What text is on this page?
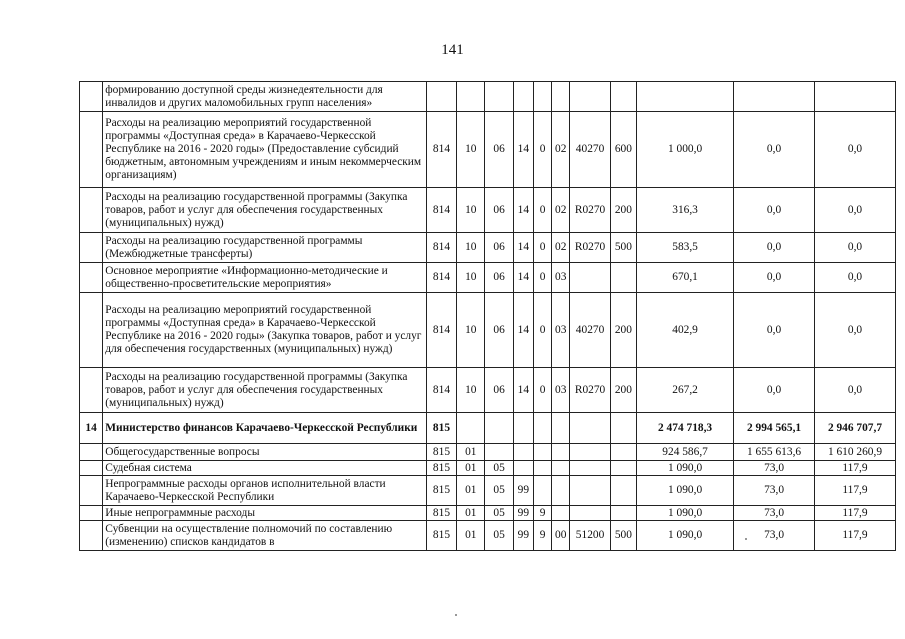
141
	формированию доступной среды жизнедеятельности для инвалидов и других маломобильных групп населения»											
	Расходы на реализацию мероприятий государственной программы «Доступная среда» в Карачаево-Черкесской Республике на 2016 - 2020 годы» (Предоставление субсидий бюджетным, автономным учреждениям и иным некоммерческим организациям)	814	10	06	14	0	02	40270	600	1 000,0	0,0	0,0
	Расходы на реализацию государственной программы (Закупка товаров, работ и услуг для обеспечения государственных (муниципальных) нужд)	814	10	06	14	0	02	R0270	200	316,3	0,0	0,0
	Расходы на реализацию государственной программы (Межбюджетные трансферты)	814	10	06	14	0	02	R0270	500	583,5	0,0	0,0
	Основное мероприятие «Информационно-методические и общественно-просветительские мероприятия»	814	10	06	14	0	03			670,1	0,0	0,0
	Расходы на реализацию мероприятий государственной программы «Доступная среда» в Карачаево-Черкесской Республике на 2016 - 2020 годы» (Закупка товаров, работ и услуг для обеспечения государственных (муниципальных) нужд)	814	10	06	14	0	03	40270	200	402,9	0,0	0,0
	Расходы на реализацию государственной программы (Закупка товаров, работ и услуг для обеспечения государственных (муниципальных) нужд)	814	10	06	14	0	03	R0270	200	267,2	0,0	0,0
14	Министерство финансов Карачаево-Черкесской Республики	815								2 474 718,3	2 994 565,1	2 946 707,7
	Общегосударственные вопросы	815	01							924 586,7	1 655 613,6	1 610 260,9
	Судебная система	815	01	05						1 090,0	73,0	117,9
	Непрограммные расходы органов исполнительной власти Карачаево-Черкесской Республики	815	01	05	99					1 090,0	73,0	117,9
	Иные непрограммные расходы	815	01	05	99	9				1 090,0	73,0	117,9
	Субвенции на осуществление полномочий по составлению (изменению) списков кандидатов в	815	01	05	99	9	00	51200	500	1 090,0	73,0	117,9
